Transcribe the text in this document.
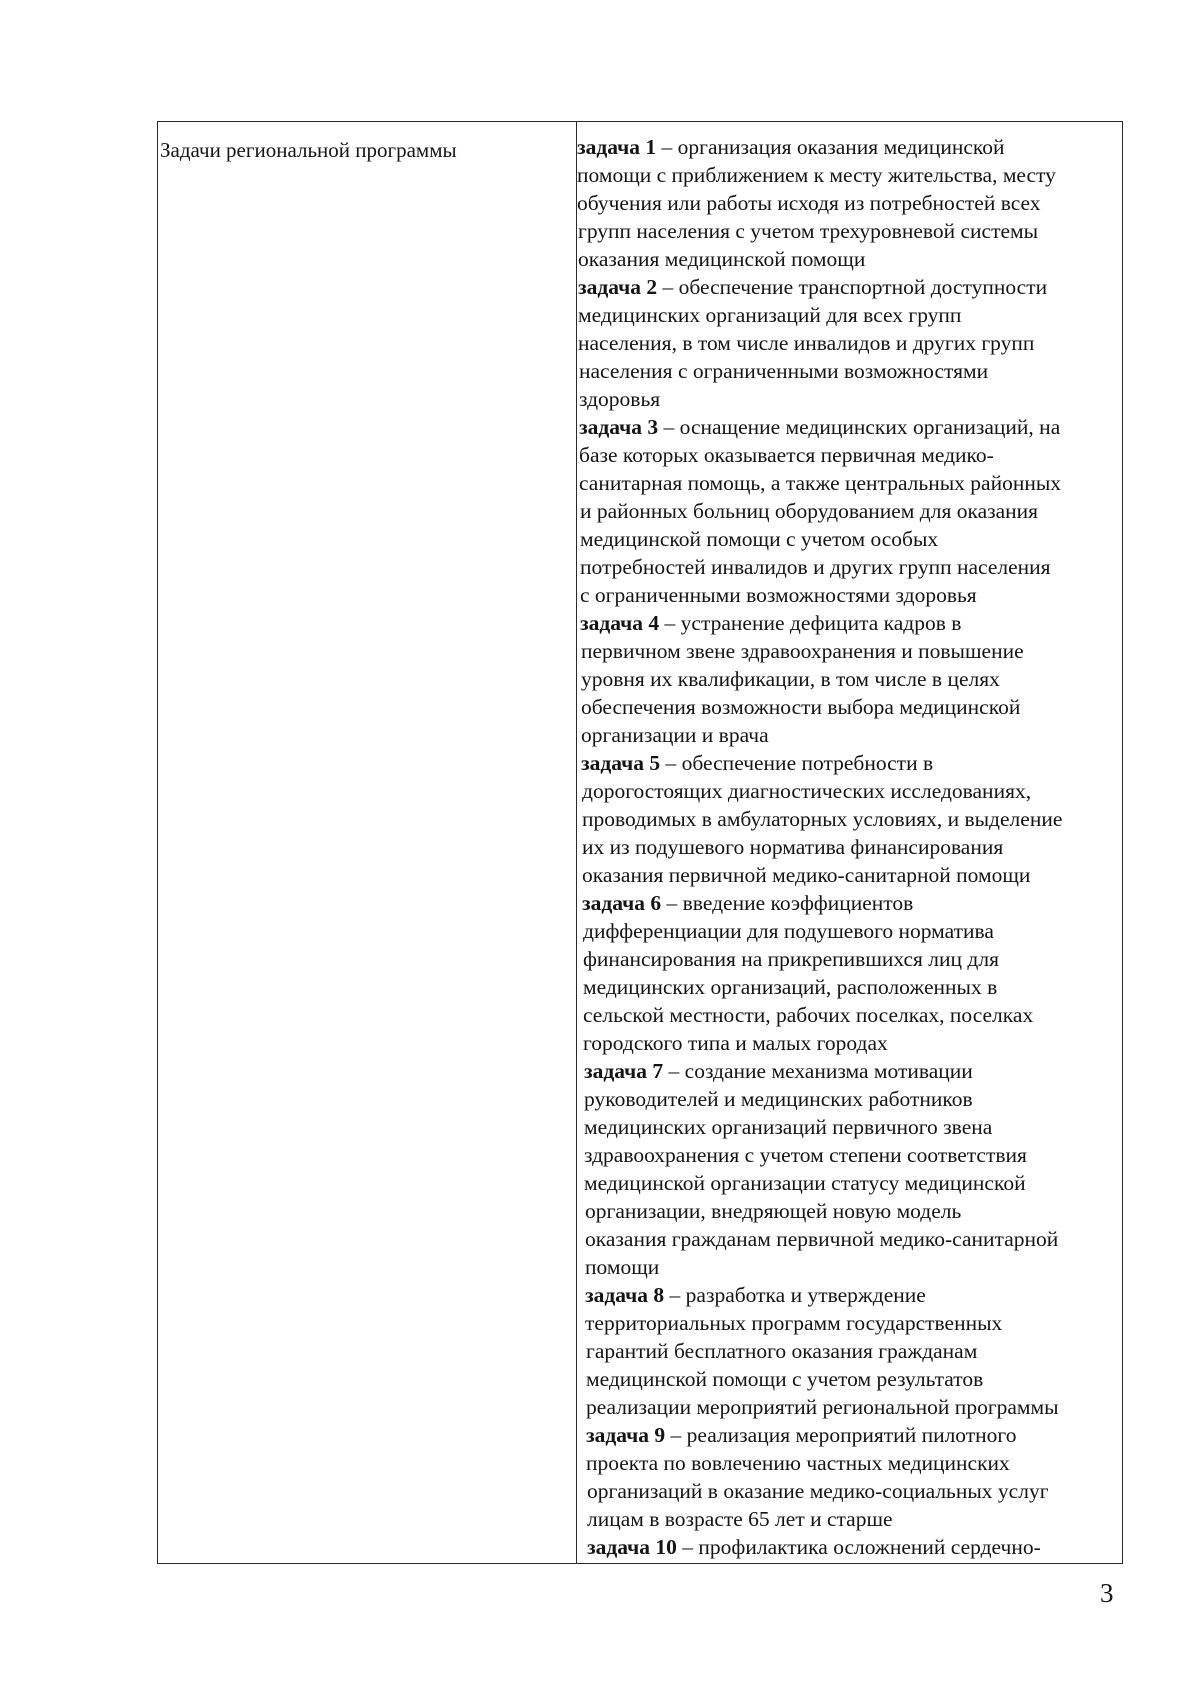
Задачи региональной программы	задача 1 – организация оказания медицинской
помощи с приближением к месту жительства, месту
обучения или работы исходя из потребностей всех
групп населения с учетом трехуровневой системы
оказания медицинской помощи
задача 2 – обеспечение транспортной доступности
медицинских организаций для всех групп
населения, в том числе инвалидов и других групп
населения с ограниченными возможностями
здоровья
задача 3 – оснащение медицинских организаций, на
базе которых оказывается первичная медико-
санитарная помощь, а также центральных районных
и районных больниц оборудованием для оказания
медицинской помощи с учетом особых
потребностей инвалидов и других групп населения
с ограниченными возможностями здоровья
задача 4 – устранение дефицита кадров в
первичном звене здравоохранения и повышение
уровня их квалификации, в том числе в целях
обеспечения возможности выбора медицинской
организации и врача
задача 5 – обеспечение потребности в
дорогостоящих диагностических исследованиях,
проводимых в амбулаторных условиях, и выделение
их из подушевого норматива финансирования
оказания первичной медико-санитарной помощи
задача 6 – введение коэффициентов
дифференциации для подушевого норматива
финансирования на прикрепившихся лиц для
медицинских организаций, расположенных в
сельской местности, рабочих поселках, поселках
городского типа и малых городах
задача 7 – создание механизма мотивации
руководителей и медицинских работников
медицинских организаций первичного звена
здравоохранения с учетом степени соответствия
медицинской организации статусу медицинской
организации, внедряющей новую модель
оказания гражданам первичной медико-санитарной
помощи
задача 8 – разработка и утверждение
территориальных программ государственных
гарантий бесплатного оказания гражданам
медицинской помощи с учетом результатов
реализации мероприятий региональной программы
задача 9 – реализация мероприятий пилотного
проекта по вовлечению частных медицинских
организаций в оказание медико-социальных услуг
лицам в возрасте 65 лет и старше
задача 10 – профилактика осложнений сердечно-
3
